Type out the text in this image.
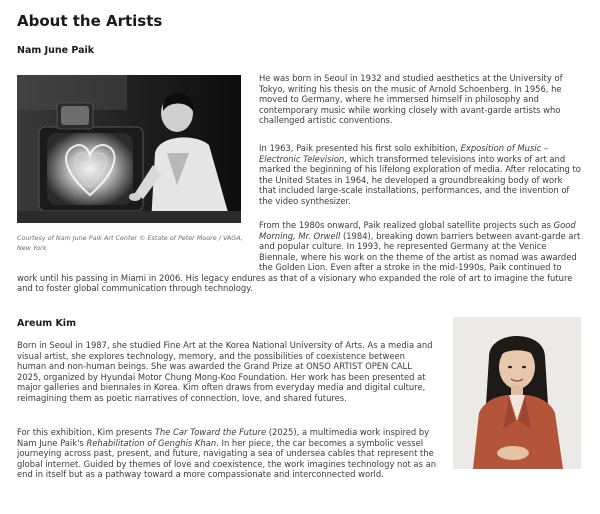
About the Artists
Nam June Paik
Courtesy of Nam June Paik Art Center © Estate of Peter Moore / VAGA, New York

He was born in Seoul in 1932 and studied aesthetics at the University of Tokyo, writing his thesis on the music of Arnold Schoenberg. In 1956, he moved to Germany, where he immersed himself in philosophy and contemporary music while working closely with avant-garde artists who challenged artistic conventions.

In 1963, Paik presented his first solo exhibition, Exposition of Music – Electronic Television, which transformed televisions into works of art and marked the beginning of his lifelong exploration of media. After relocating to the United States in 1964, he developed a groundbreaking body of work that included large-scale installations, performances, and the invention of the video synthesizer.

From the 1980s onward, Paik realized global satellite projects such as Good Morning, Mr. Orwell (1984), breaking down barriers between avant-garde art and popular culture. In 1993, he represented Germany at the Venice Biennale, where his work on the theme of the artist as nomad was awarded the Golden Lion. Even after a stroke in the mid-1990s, Paik continued to work until his passing in Miami in 2006. His legacy endures as that of a visionary who expanded the role of art to imagine the future and to foster global communication through technology.

Areum Kim

Born in Seoul in 1987, she studied Fine Art at the Korea National University of Arts. As a media and visual artist, she explores technology, memory, and the possibilities of coexistence between human and non-human beings. She was awarded the Grand Prize at ONSO ARTIST OPEN CALL 2025, organized by Hyundai Motor Chung Mong-Koo Foundation. Her work has been presented at major galleries and biennales in Korea. Kim often draws from everyday media and digital culture, reimagining them as poetic narratives of connection, love, and shared futures.

For this exhibition, Kim presents The Car Toward the Future (2025), a multimedia work inspired by Nam June Paik's Rehabilitation of Genghis Khan. In her piece, the car becomes a symbolic vessel journeying across past, present, and future, navigating a sea of undersea cables that represent the global internet. Guided by themes of love and coexistence, the work imagines technology not as an end in itself but as a pathway toward a more compassionate and interconnected world.
